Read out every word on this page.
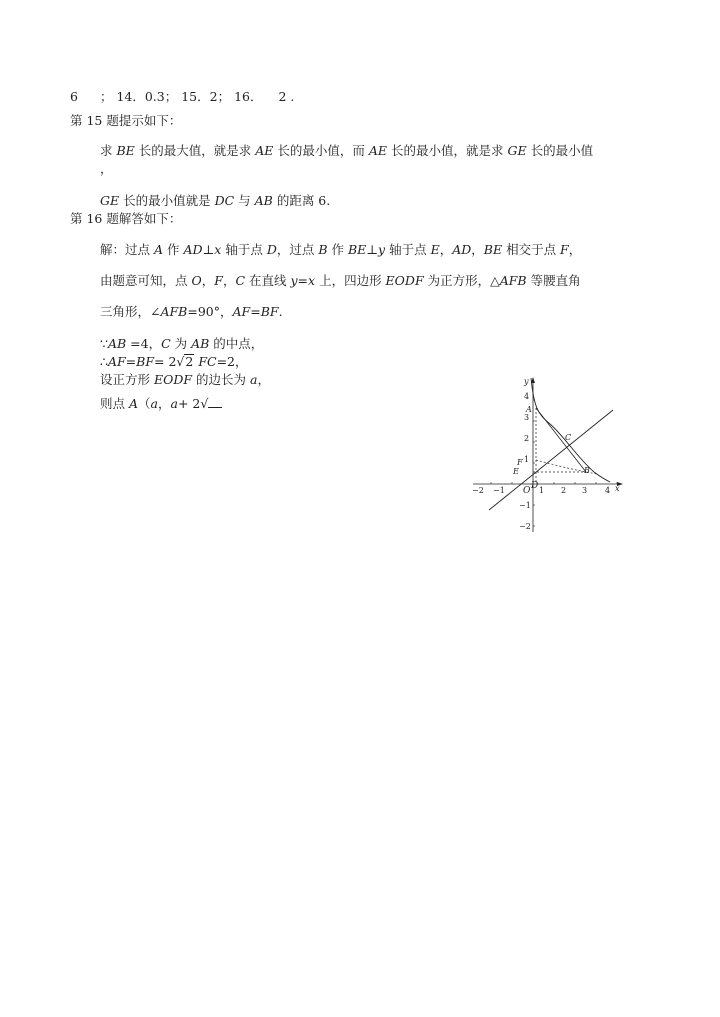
6 ； 14．0.3； 15．2； 16． 2 .
第 15 题提示如下：
求 BE 长的最大值，就是求 AE 长的最小值，而 AE 长的最小值，就是求 GE 长的最小值
，
GE 长的最小值就是 DC 与 AB 的距离 6.
第 16 题解答如下：
解：过点 A 作 AD⊥x 轴于点 D，过点 B 作 BE⊥y 轴于点 E，AD，BE 相交于点 F，
由题意可知，点 O，F，C 在直线 y=x 上，四边形 EODF 为正方形，△AFB 等腰直角
三角形，∠AFB=90°，AF=BF.
∵AB =4，C 为 AB 的中点，
∴AF=BF= 2√2 FC=2，
设正方形 EODF 的边长为 a，
则点 A（a，a+ 2√
x
y
−2 −1	1 2 3 4
4
3
2
1
−1
−2
A
C
F
E	B
O D
